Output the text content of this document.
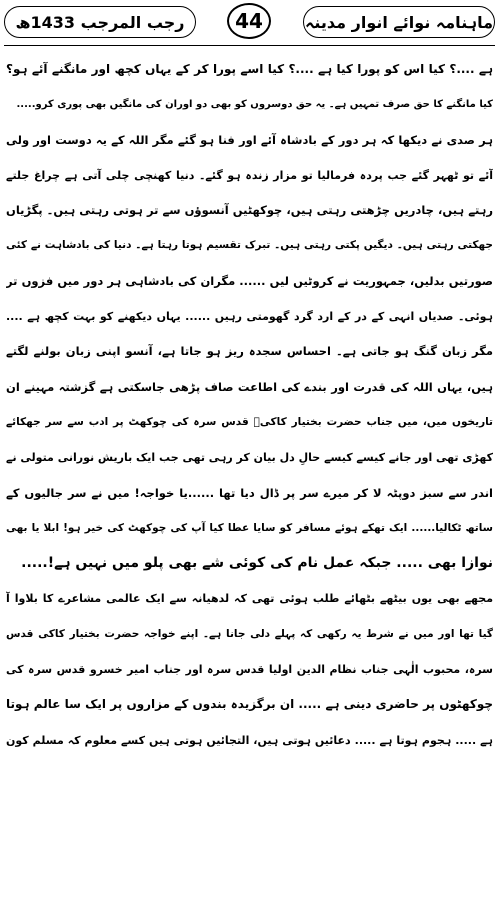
رجب المرجب 1433ھ	44	ماہنامہ نوائے انوار مدینہ
ہے ....؟ کیا اس کو پورا کیا ہے ....؟ کیا اسے پورا کر کے یہاں کچھ اور مانگنے آئے ہو؟
کیا مانگنے کا حق صرف تمہیں ہے۔ یہ حق دوسروں کو بھی دو اوران کی مانگیں بھی پوری کرو.....
ہر صدی نے دیکھا کہ ہر دور کے بادشاہ آئے اور فنا ہو گئے مگر اللہ کے یہ دوست اور ولی
آئے تو ٹھہر گئے جب پردہ فرمالیا تو مزار زندہ ہو گئے۔ دنیا کھنچی چلی آتی ہے چراغ جلتے
رہتے ہیں، چادریں چڑھتی رہتی ہیں، چوکھٹیں آنسوؤں سے تر ہوتی رہتی ہیں۔ پگڑیاں
جھکتی رہتی ہیں۔ دیگیں پکتی رہتی ہیں۔ تبرک تقسیم ہوتا رہتا ہے۔ دنیا کی بادشاہت نے کئی
صورتیں بدلیں، جمہوریت نے کروٹیں لیں ...... مگران کی بادشاہی ہر دور میں فزوں تر
ہوئی۔ صدیاں انہی کے در کے ارد گرد گھومتی رہیں ...... یہاں دیکھنے کو بہت کچھ ہے ....
مگر زبان گنگ ہو جاتی ہے۔ احساس سجدہ ریز ہو جاتا ہے، آنسو اپنی زبان بولنے لگتے
ہیں، یہاں اللہ کی قدرت اور بندے کی اطاعت صاف پڑھی جاسکتی ہے گزشتہ مہینے ان
تاریخوں میں، میں جناب حضرت بختیار کاکیؒ قدس سرہ کی چوکھٹ پر ادب سے سر جھکائے
کھڑی تھی اور جانے کیسے کیسے حالِ دل بیان کر رہی تھی جب ایک باریش نورانی متولی نے
اندر سے سبز دوپٹہ لا کر میرے سر پر ڈال دیا تھا ......یا خواجہ! میں نے سر جالیوں کے
ساتھ ٹکالیا...... ایک تھکے ہوئے مسافر کو سایا عطا کیا آپ کی چوکھٹ کی خیر ہو! ابلا یا بھی
نوازا بھی ..... جبکہ عمل نام کی کوئی شے بھی پلو میں نہیں ہے!.....
مجھے بھی یوں بیٹھے بٹھائے طلب ہوئی تھی کہ لدھیانہ سے ایک عالمی مشاعرے کا بلاوا آ
گیا تھا اور میں نے شرط یہ رکھی کہ پہلے دلی جانا ہے۔ اپنے خواجہ حضرت بختیار کاکی قدس
سرہ، محبوب الٰہی جناب نظام الدین اولیا قدس سرہ اور جناب امیر خسرو قدس سرہ کی
چوکھٹوں پر حاضری دینی ہے ..... ان برگزیدہ بندوں کے مزاروں پر ایک سا عالم ہوتا
ہے ..... ہجوم ہوتا ہے ..... دعائیں ہوتی ہیں، التجائیں ہوتی ہیں کسے معلوم کہ مسلم کون
